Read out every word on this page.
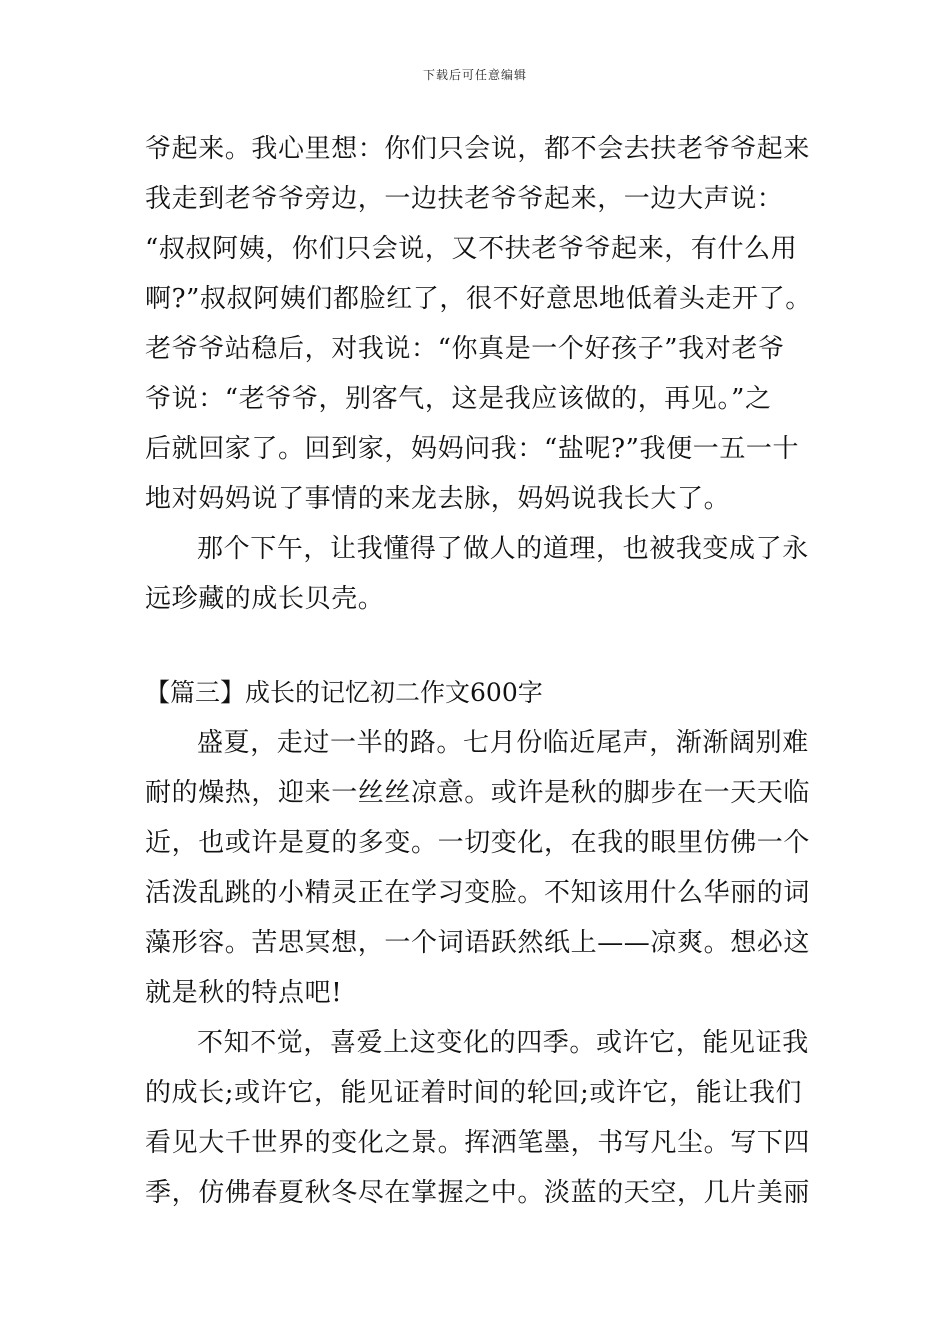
下载后可任意编辑
爷起来。我心里想：你们只会说，都不会去扶老爷爷起来
我走到老爷爷旁边，一边扶老爷爷起来，一边大声说：
“叔叔阿姨，你们只会说，又不扶老爷爷起来，有什么用
啊?”叔叔阿姨们都脸红了，很不好意思地低着头走开了。
老爷爷站稳后，对我说：“你真是一个好孩子”我对老爷
爷说：“老爷爷，别客气，这是我应该做的，再见。”之
后就回家了。回到家，妈妈问我：“盐呢?”我便一五一十
地对妈妈说了事情的来龙去脉，妈妈说我长大了。
那个下午，让我懂得了做人的道理，也被我变成了永
远珍藏的成长贝壳。
【篇三】成长的记忆初二作文600字
盛夏，走过一半的路。七月份临近尾声，渐渐阔别难
耐的燥热，迎来一丝丝凉意。或许是秋的脚步在一天天临
近，也或许是夏的多变。一切变化，在我的眼里仿佛一个
活泼乱跳的小精灵正在学习变脸。不知该用什么华丽的词
藻形容。苦思冥想，一个词语跃然纸上——凉爽。想必这
就是秋的特点吧!
不知不觉，喜爱上这变化的四季。或许它，能见证我
的成长;或许它，能见证着时间的轮回;或许它，能让我们
看见大千世界的变化之景。挥洒笔墨，书写凡尘。写下四
季，仿佛春夏秋冬尽在掌握之中。淡蓝的天空，几片美丽
